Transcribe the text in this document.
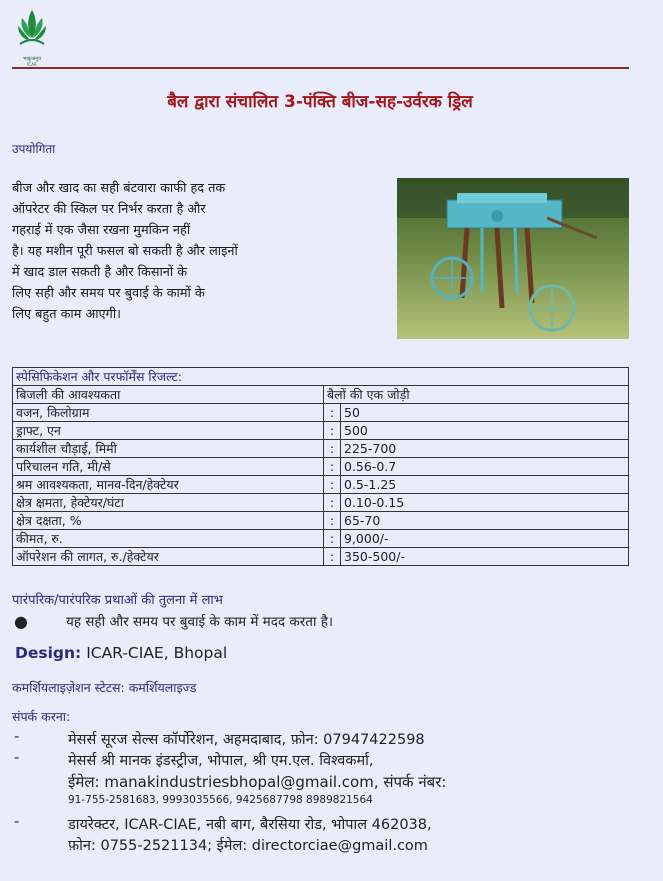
भाकृअनुप
ICAR
बैल द्वारा संचालित 3-पंक्ति बीज-सह-उर्वरक ड्रिल
उपयोगिता
बीज और खाद का सही बंटवारा काफी हद तक
ऑपरेटर की स्किल पर निर्भर करता है और
गहराई में एक जैसा रखना मुमकिन नहीं
है। यह मशीन पूरी फसल बो सकती है और लाइनों
में खाद डाल सकती है और किसानों के
लिए सही और समय पर बुवाई के कामों के
लिए बहुत काम आएगी।
स्पेसिफिकेशन और परफॉर्मेंस रिजल्ट:		
बिजली की आवश्यकता	बैलों की एक जोड़ी	
वजन, किलोग्राम	:	50
ड्राफ्ट, एन	:	500
कार्यशील चौड़ाई, मिमी	:	225-700
परिचालन गति, मी/से	:	0.56-0.7
श्रम आवश्यकता, मानव-दिन/हेक्टेयर	:	0.5-1.25
क्षेत्र क्षमता, हेक्टेयर/घंटा	:	0.10-0.15
क्षेत्र दक्षता, %	:	65-70
कीमत, रु.	:	9,000/-
ऑपरेशन की लागत, रु./हेक्टेयर	:	350-500/-
पारंपरिक/पारंपरिक प्रथाओं की तुलना में लाभ
●	यह सही और समय पर बुवाई के काम में मदद करता है।
Design: ICAR-CIAE, Bhopal
कमर्शियलाइज़ेशन स्टेटस: कमर्शियलाइज्ड
संपर्क करना:
-	मेसर्स सूरज सेल्स कॉर्पोरेशन, अहमदाबाद, फ़ोन: 07947422598
-	मेसर्स श्री मानक इंडस्ट्रीज, भोपाल, श्री एम.एल. विश्वकर्मा,
ईमेल: manakindustriesbhopal@gmail.com, संपर्क नंबर:
91-755-2581683, 9993035566, 9425687798 8989821564
-	डायरेक्टर, ICAR-CIAE, नबी बाग, बैरसिया रोड, भोपाल 462038,
फ़ोन: 0755-2521134; ईमेल: directorciae@gmail.com
